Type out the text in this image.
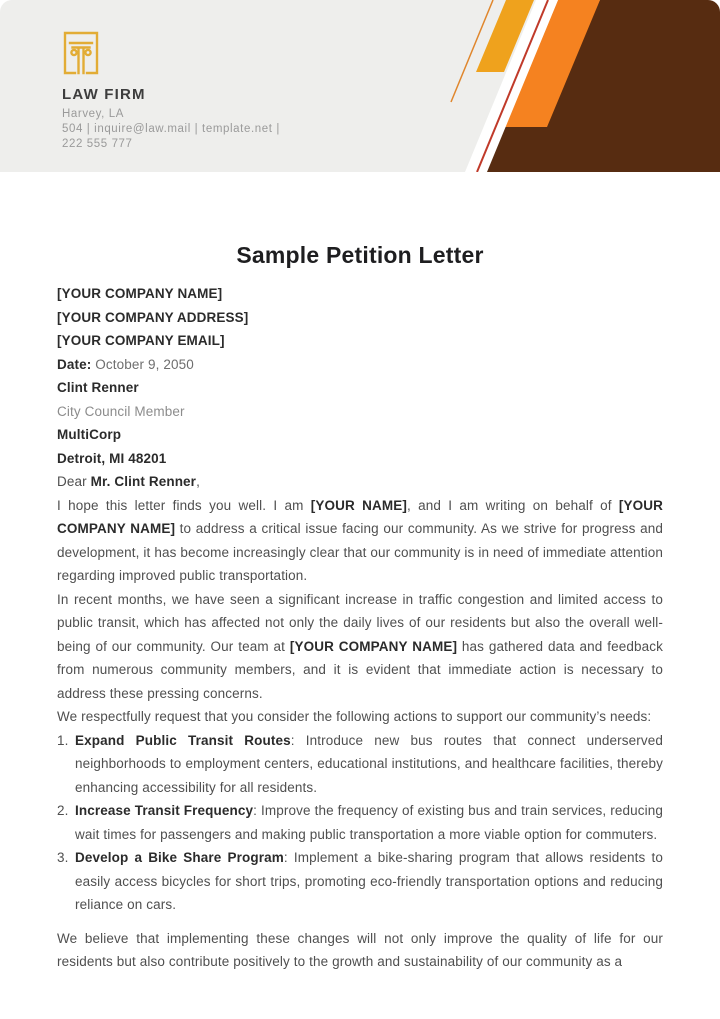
LAW FIRM
Harvey, LA
504 | inquire@law.mail | template.net |
222 555 777
Sample Petition Letter
[YOUR COMPANY NAME]
[YOUR COMPANY ADDRESS]
[YOUR COMPANY EMAIL]
Date: October 9, 2050
Clint Renner
City Council Member
MultiCorp
Detroit, MI 48201
Dear Mr. Clint Renner,
I hope this letter finds you well. I am [YOUR NAME], and I am writing on behalf of [YOUR COMPANY NAME] to address a critical issue facing our community. As we strive for progress and development, it has become increasingly clear that our community is in need of immediate attention regarding improved public transportation.
In recent months, we have seen a significant increase in traffic congestion and limited access to public transit, which has affected not only the daily lives of our residents but also the overall well-being of our community. Our team at [YOUR COMPANY NAME] has gathered data and feedback from numerous community members, and it is evident that immediate action is necessary to address these pressing concerns.
We respectfully request that you consider the following actions to support our community’s needs:
1. Expand Public Transit Routes: Introduce new bus routes that connect underserved neighborhoods to employment centers, educational institutions, and healthcare facilities, thereby enhancing accessibility for all residents.
2. Increase Transit Frequency: Improve the frequency of existing bus and train services, reducing wait times for passengers and making public transportation a more viable option for commuters.
3. Develop a Bike Share Program: Implement a bike-sharing program that allows residents to easily access bicycles for short trips, promoting eco-friendly transportation options and reducing reliance on cars.
We believe that implementing these changes will not only improve the quality of life for our residents but also contribute positively to the growth and sustainability of our community as a
